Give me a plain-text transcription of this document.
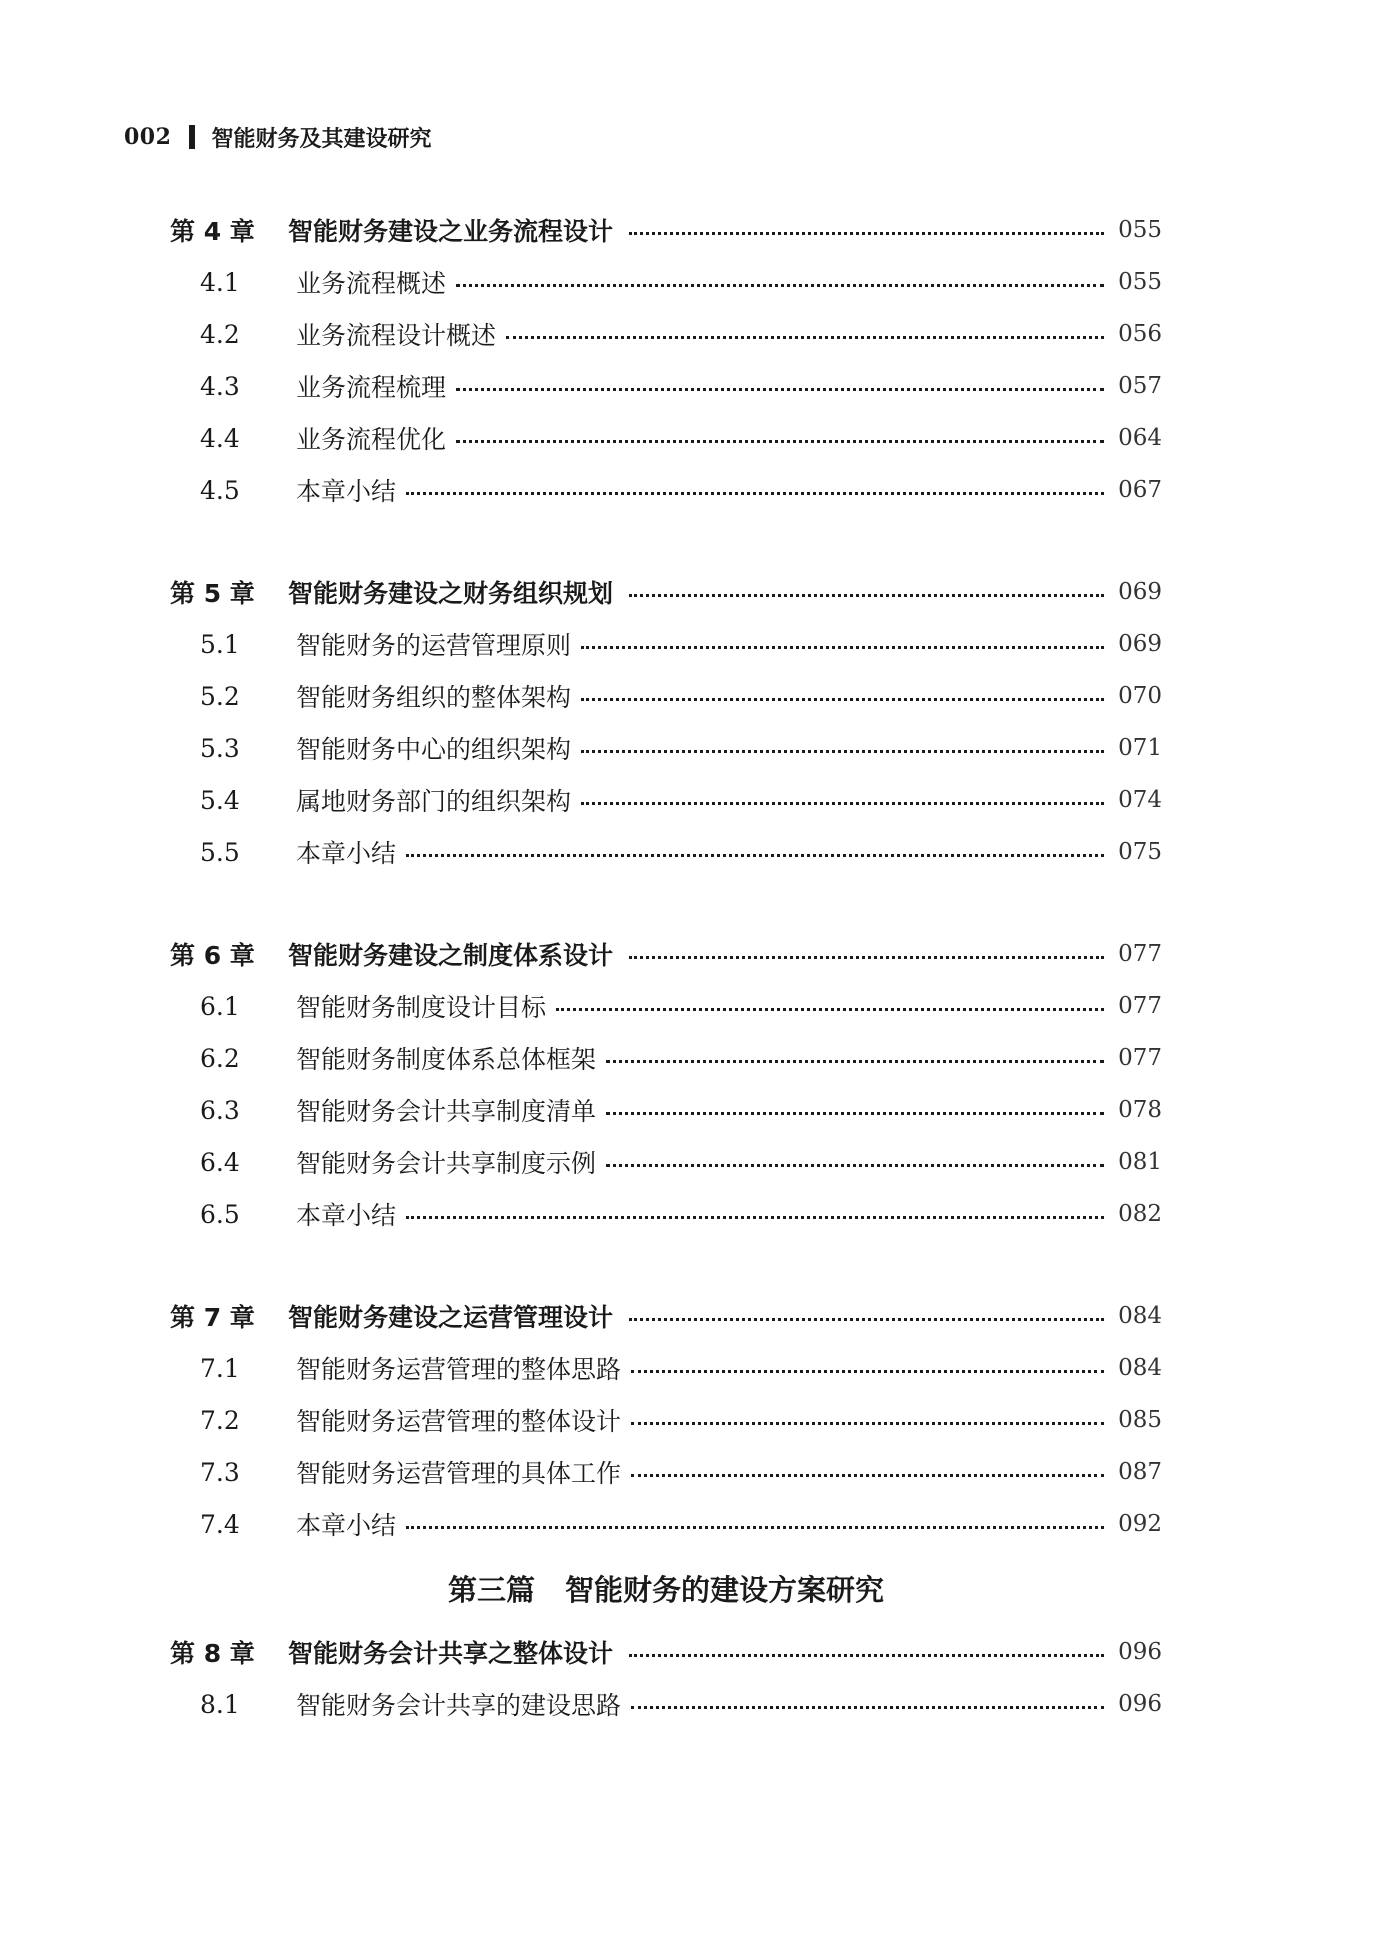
002 智能财务及其建设研究
第 4 章	智能财务建设之业务流程设计	055
4.1	业务流程概述	055
4.2	业务流程设计概述	056
4.3	业务流程梳理	057
4.4	业务流程优化	064
4.5	本章小结	067
第 5 章	智能财务建设之财务组织规划	069
5.1	智能财务的运营管理原则	069
5.2	智能财务组织的整体架构	070
5.3	智能财务中心的组织架构	071
5.4	属地财务部门的组织架构	074
5.5	本章小结	075
第 6 章	智能财务建设之制度体系设计	077
6.1	智能财务制度设计目标	077
6.2	智能财务制度体系总体框架	077
6.3	智能财务会计共享制度清单	078
6.4	智能财务会计共享制度示例	081
6.5	本章小结	082
第 7 章	智能财务建设之运营管理设计	084
7.1	智能财务运营管理的整体思路	084
7.2	智能财务运营管理的整体设计	085
7.3	智能财务运营管理的具体工作	087
7.4	本章小结	092
第三篇 智能财务的建设方案研究
第 8 章	智能财务会计共享之整体设计	096
8.1	智能财务会计共享的建设思路	096
